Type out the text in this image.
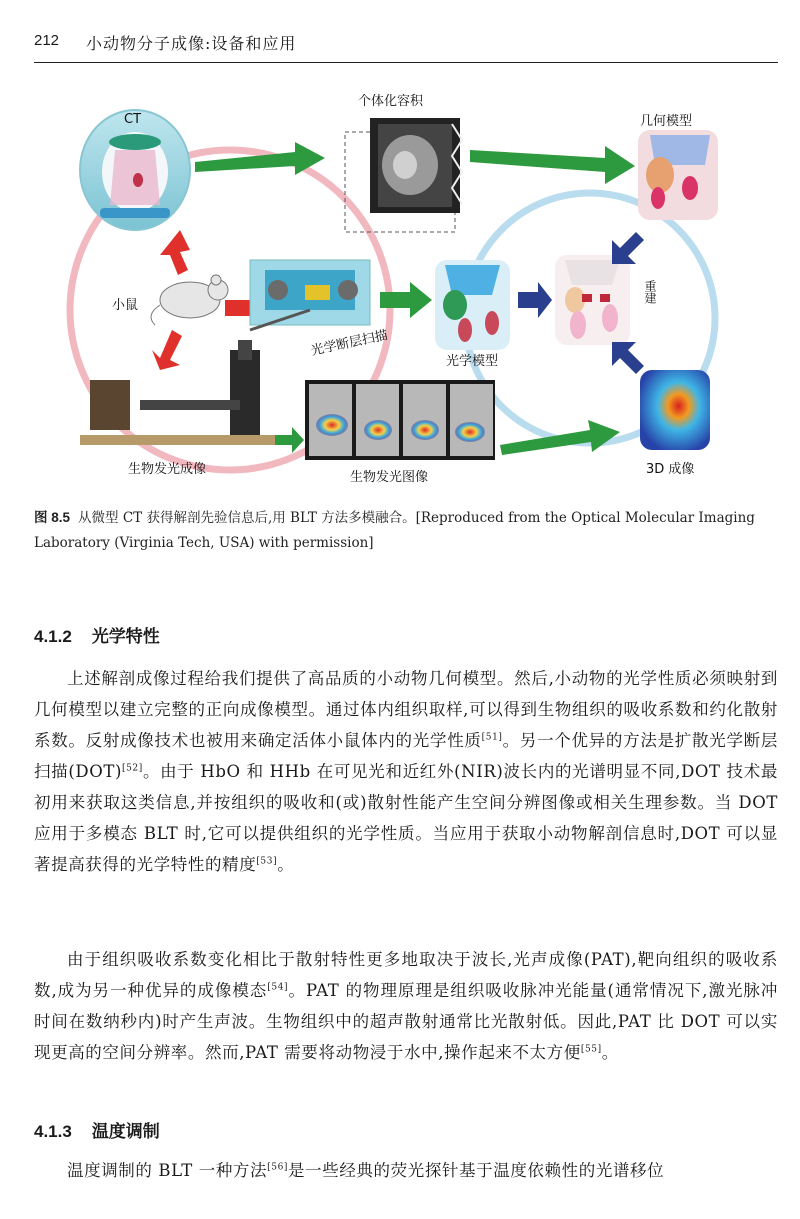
212 小动物分子成像:设备和应用
CT
个体化容积
几何模型
小鼠
光学断层扫描
光学模型
重建
生物发光成像
生物发光图像
3D 成像
图 8.5 从微型 CT 获得解剖先验信息后,用 BLT 方法多模融合。[Reproduced from the Optical Molecular Imaging Laboratory (Virginia Tech, USA) with permission]
4.1.2 光学特性

上述解剖成像过程给我们提供了高品质的小动物几何模型。然后,小动物的光学性质必须映射到几何模型以建立完整的正向成像模型。通过体内组织取样,可以得到生物组织的吸收系数和约化散射系数。反射成像技术也被用来确定活体小鼠体内的光学性质[51]。另一个优异的方法是扩散光学断层扫描(DOT)[52]。由于 HbO 和 HHb 在可见光和近红外(NIR)波长内的光谱明显不同,DOT 技术最初用来获取这类信息,并按组织的吸收和(或)散射性能产生空间分辨图像或相关生理参数。当 DOT 应用于多模态 BLT 时,它可以提供组织的光学性质。当应用于获取小动物解剖信息时,DOT 可以显著提高获得的光学特性的精度[53]。

由于组织吸收系数变化相比于散射特性更多地取决于波长,光声成像(PAT),靶向组织的吸收系数,成为另一种优异的成像模态[54]。PAT 的物理原理是组织吸收脉冲光能量(通常情况下,激光脉冲时间在数纳秒内)时产生声波。生物组织中的超声散射通常比光散射低。因此,PAT 比 DOT 可以实现更高的空间分辨率。然而,PAT 需要将动物浸于水中,操作起来不太方便[55]。

4.1.3 温度调制

温度调制的 BLT 一种方法[56]是一些经典的荧光探针基于温度依赖性的光谱移位
